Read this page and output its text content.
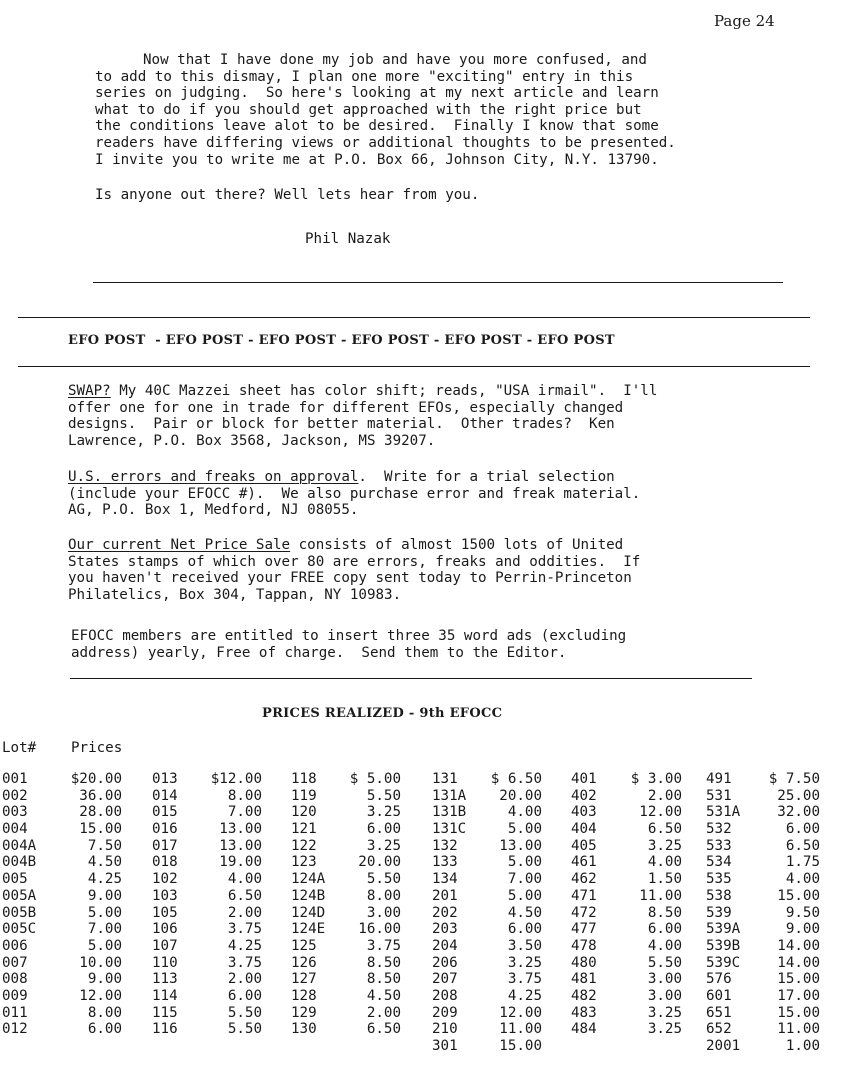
Page 24

Now that I have done my job and have you more confused, and
to add to this dismay, I plan one more "exciting" entry in this
series on judging.  So here's looking at my next article and learn
what to do if you should get approached with the right price but
the conditions leave alot to be desired.  Finally I know that some
readers have differing views or additional thoughts to be presented.
I invite you to write me at P.O. Box 66, Johnson City, N.Y. 13790.

Is anyone out there? Well lets hear from you.
Phil Nazak
EFO POST  - EFO POST - EFO POST - EFO POST - EFO POST - EFO POST

SWAP? My 40C Mazzei sheet has color shift; reads, "USA irmail".  I'll

offer one for one in trade for different EFOs, especially changed

designs.  Pair or block for better material.  Other trades?  Ken

Lawrence, P.O. Box 3568, Jackson, MS 39207.

U.S. errors and freaks on approval.  Write for a trial selection

(include your EFOCC #).  We also purchase error and freak material.

AG, P.O. Box 1, Medford, NJ 08055.

Our current Net Price Sale consists of almost 1500 lots of United

States stamps of which over 80 are errors, freaks and oddities.  If

you haven't received your FREE copy sent today to Perrin-Princeton

Philatelics, Box 304, Tappan, NY 10983.

EFOCC members are entitled to insert three 35 word ads (excluding

address) yearly, Free of charge.  Send them to the Editor.

PRICES REALIZED - 9th EFOCC
Lot# Prices
001	$20.00
002	36.00
003	28.00
004	15.00
004A	7.50
004B	4.50
005	4.25
005A	9.00
005B	5.00
005C	7.00
006	5.00
007	10.00
008	9.00
009	12.00
011	8.00
012	6.00
013 $12.00
014	8.00
015	7.00
016	13.00
017	13.00
018	19.00
102	4.00
103	6.50
105	2.00
106	3.75
107	4.25
110	3.75
113	2.00
114	6.00
115	5.50
116	5.50
118 $ 5.00
119	5.50
120	3.25
121	6.00
122	3.25
123	20.00
124A	5.50
124B	8.00
124D	3.00
124E 16.00
125	3.75
126	8.50
127	8.50
128	4.50
129	2.00
130	6.50
131 $ 6.50
131A 20.00
131B	4.00
131C	5.00
132	13.00
133	5.00
134	7.00
201	5.00
202	4.50
203	6.00
204	3.50
206	3.25
207	3.75
208	4.25
209	12.00
210	11.00
301	15.00
401 $ 3.00
402	2.00
403	12.00
404	6.50
405	3.25
461	4.00
462	1.50
471	11.00
472	8.50
477	6.00
478	4.00
480	5.50
481	3.00
482	3.00
483	3.25
484	3.25
491	$ 7.50
531	25.00
531A	32.00
532	6.00
533	6.50
534	1.75
535	4.00
538	15.00
539	9.50
539A	9.00
539B	14.00
539C	14.00
576	15.00
601	17.00
651	15.00
652	11.00
2001	1.00
